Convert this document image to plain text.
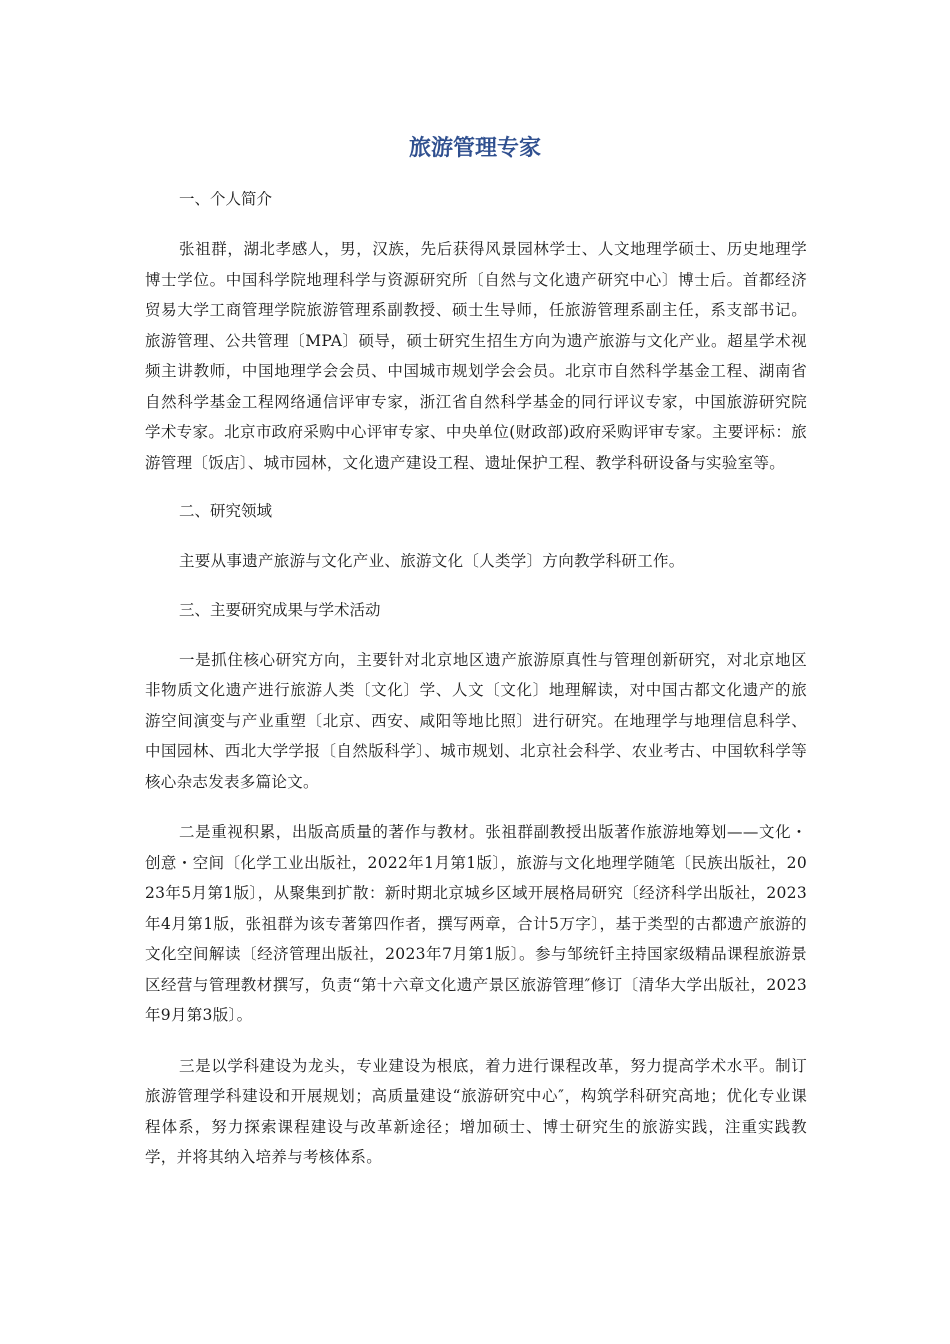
旅游管理专家

一、个人简介

张祖群，湖北孝感人，男，汉族，先后获得风景园林学士、人文地理学硕士、历史地理学博士学位。中国科学院地理科学与资源研究所〔自然与文化遗产研究中心〕博士后。首都经济贸易大学工商管理学院旅游管理系副教授、硕士生导师，任旅游管理系副主任，系支部书记。旅游管理、公共管理〔MPA〕硕导，硕士研究生招生方向为遗产旅游与文化产业。超星学术视频主讲教师，中国地理学会会员、中国城市规划学会会员。北京市自然科学基金工程、湖南省自然科学基金工程网络通信评审专家，浙江省自然科学基金的同行评议专家，中国旅游研究院学术专家。北京市政府采购中心评审专家、中央单位(财政部)政府采购评审专家。主要评标：旅游管理〔饭店〕、城市园林，文化遗产建设工程、遗址保护工程、教学科研设备与实验室等。

二、研究领域

主要从事遗产旅游与文化产业、旅游文化〔人类学〕方向教学科研工作。

三、主要研究成果与学术活动

一是抓住核心研究方向，主要针对北京地区遗产旅游原真性与管理创新研究，对北京地区非物质文化遗产进行旅游人类〔文化〕学、人文〔文化〕地理解读，对中国古都文化遗产的旅游空间演变与产业重塑〔北京、西安、咸阳等地比照〕进行研究。在地理学与地理信息科学、中国园林、西北大学学报〔自然版科学〕、城市规划、北京社会科学、农业考古、中国软科学等核心杂志发表多篇论文。

二是重视积累，出版高质量的著作与教材。张祖群副教授出版著作旅游地筹划——文化・创意・空间〔化学工业出版社，2022年1月第1版〕，旅游与文化地理学随笔〔民族出版社，2023年5月第1版〕，从聚集到扩散：新时期北京城乡区域开展格局研究〔经济科学出版社，2023年4月第1版，张祖群为该专著第四作者，撰写两章，合计5万字〕，基于类型的古都遗产旅游的文化空间解读〔经济管理出版社，2023年7月第1版〕。参与邹统钎主持国家级精品课程旅游景区经营与管理教材撰写，负责“第十六章文化遗产景区旅游管理″修订〔清华大学出版社，2023年9月第3版〕。

三是以学科建设为龙头，专业建设为根底，着力进行课程改革，努力提高学术水平。制订旅游管理学科建设和开展规划；高质量建设“旅游研究中心″，构筑学科研究高地；优化专业课程体系，努力探索课程建设与改革新途径；增加硕士、博士研究生的旅游实践，注重实践教学，并将其纳入培养与考核体系。
